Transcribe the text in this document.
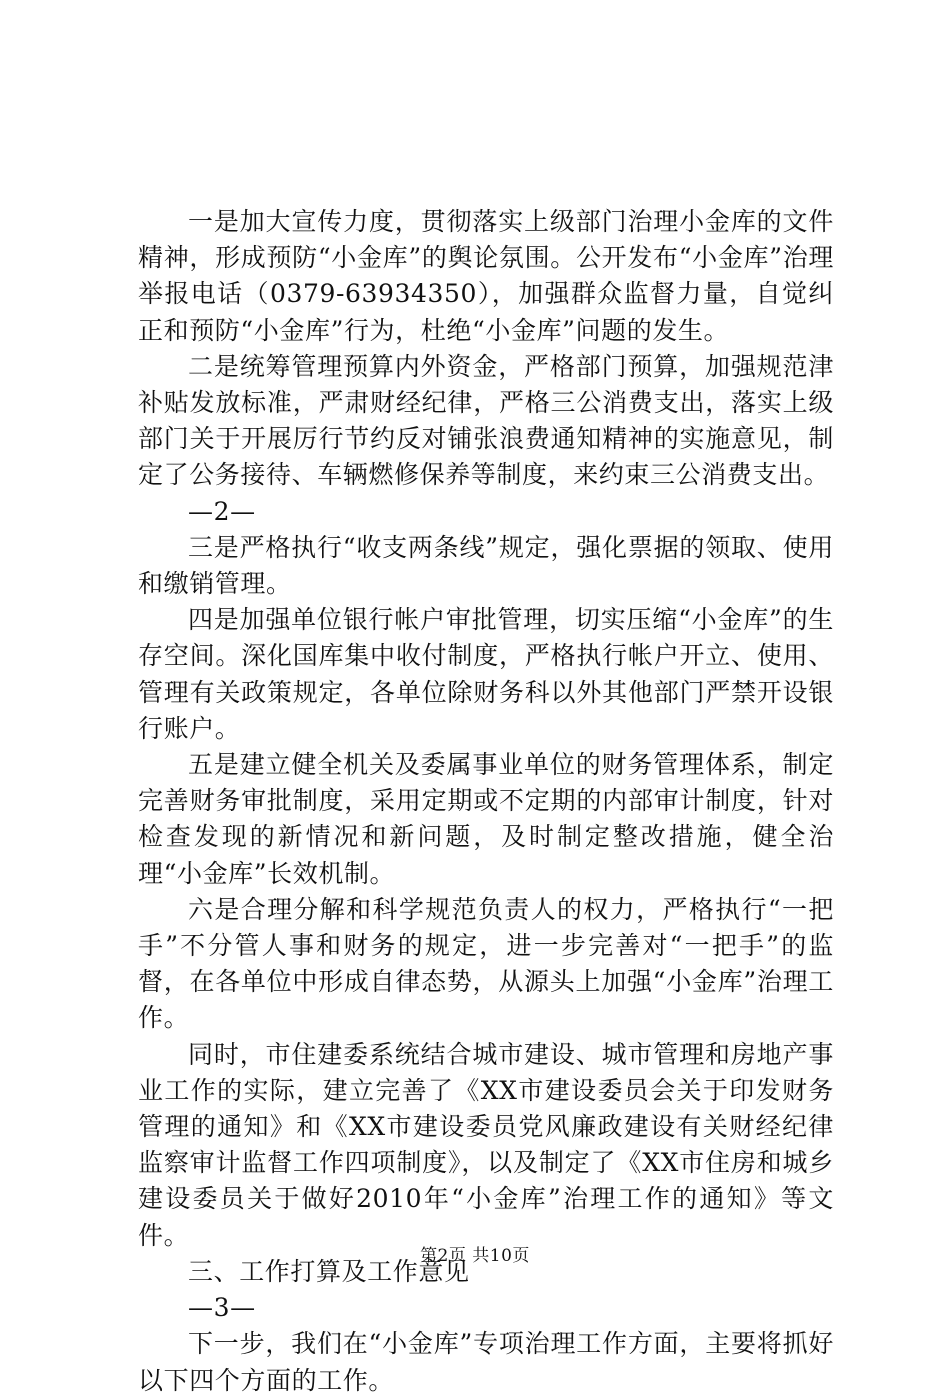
一是加大宣传力度，贯彻落实上级部门治理小金库的文件精神，形成预防“小金库”的舆论氛围。公开发布“小金库”治理举报电话（0379-63934350），加强群众监督力量，自觉纠正和预防“小金库”行为，杜绝“小金库”问题的发生。

二是统筹管理预算内外资金，严格部门预算，加强规范津补贴发放标准，严肃财经纪律，严格三公消费支出，落实上级部门关于开展厉行节约反对铺张浪费通知精神的实施意见，制定了公务接待、车辆燃修保养等制度，来约束三公消费支出。

—2—

三是严格执行“收支两条线”规定，强化票据的领取、使用和缴销管理。

四是加强单位银行帐户审批管理，切实压缩“小金库”的生存空间。深化国库集中收付制度，严格执行帐户开立、使用、管理有关政策规定，各单位除财务科以外其他部门严禁开设银行账户。

五是建立健全机关及委属事业单位的财务管理体系，制定完善财务审批制度，采用定期或不定期的内部审计制度，针对检查发现的新情况和新问题，及时制定整改措施，健全治理“小金库”长效机制。

六是合理分解和科学规范负责人的权力，严格执行“一把手”不分管人事和财务的规定，进一步完善对“一把手”的监督，在各单位中形成自律态势，从源头上加强“小金库”治理工作。

同时，市住建委系统结合城市建设、城市管理和房地产事业工作的实际，建立完善了《XX市建设委员会关于印发财务管理的通知》和《XX市建设委员党风廉政建设有关财经纪律监察审计监督工作四项制度》，以及制定了《XX市住房和城乡建设委员关于做好2010年“小金库”治理工作的通知》等文件。

三、工作打算及工作意见

—3—

下一步，我们在“小金库”专项治理工作方面，主要将抓好以下四个方面的工作。

第2页 共10页
